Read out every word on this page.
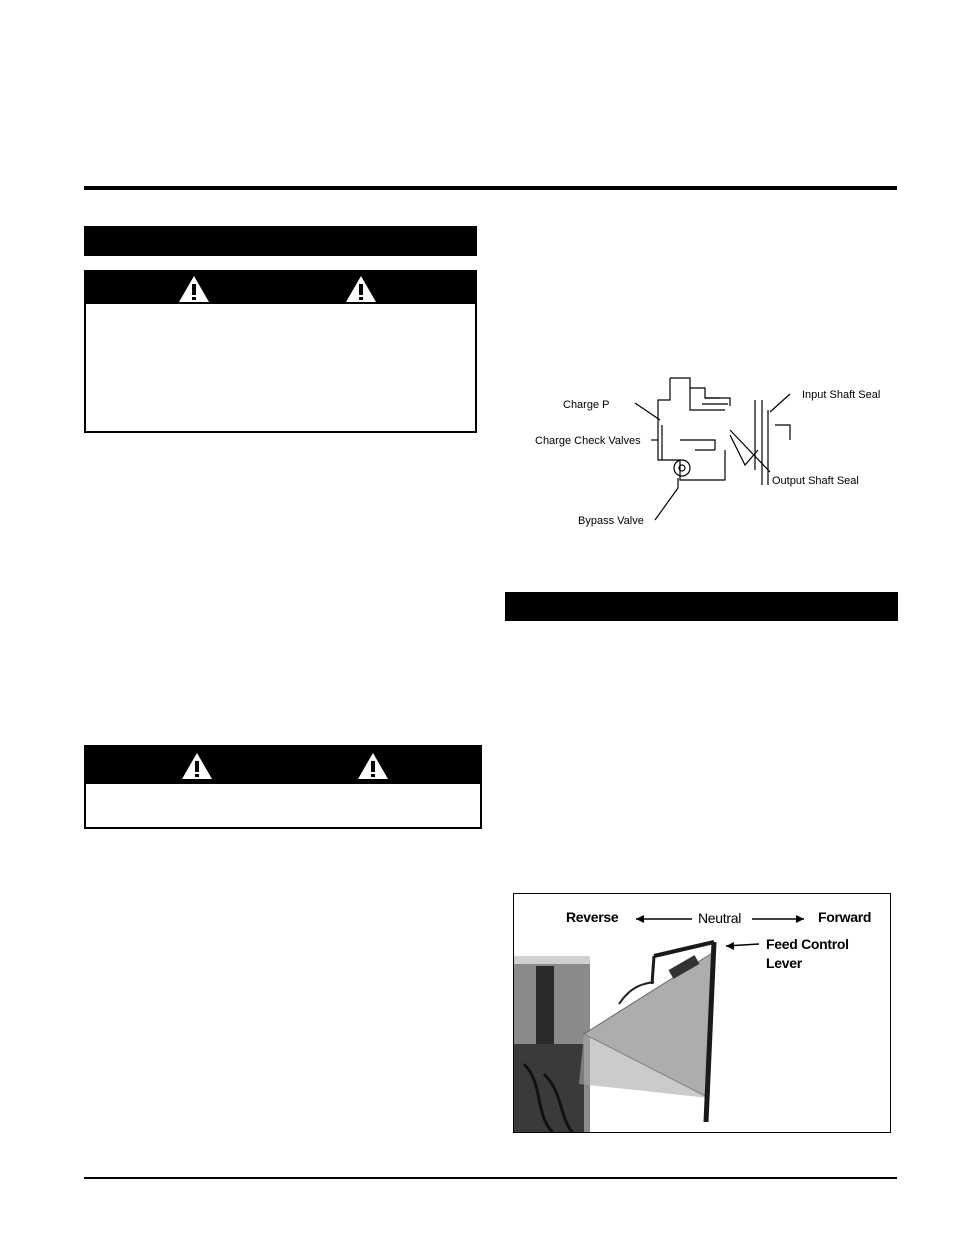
Charge P
Charge Check Valves
Bypass Valve
Input Shaft Seal
Output Shaft Seal
Reverse	Neutral	Forward
Feed Control
Lever
